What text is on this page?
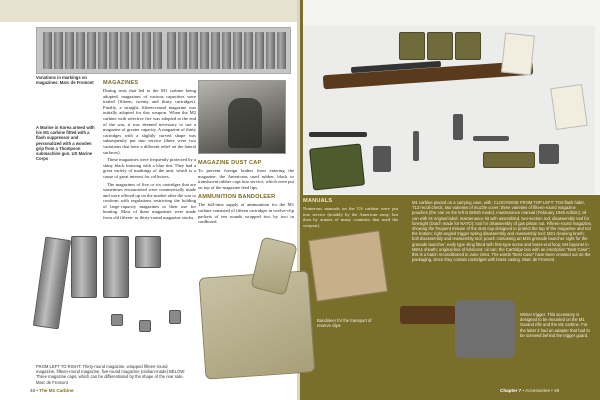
Variations in markings on magazines. Marc de Fromont
A Marine in Korea armed with his M1 carbine fitted with a flash suppressor and personalized with a wooden grip from a Thompson submachine gun. US Marine Corps
MAGAZINES
During tests that led to the M1 carbine being adopted, magazines of various capacities were trialed (fifteen, twenty and thirty cartridges). Finally, a straight, fifteen-round magazine was initially adopted for this weapon. When the M2 carbine with selective fire was adopted at the end of the war, it was deemed necessary to use a magazine of greater capacity. A magazine of thirty cartridges with a slightly curved shape was subsequently put into service (there were two variations that have a different relief on the lateral surfaces).
These magazines were frequently protected by a shiny black bruising with a blue tint. They had a great variety of markings of the unit, which is a cause of great interest for collectors.
The magazines of five or six cartridges that are sometimes encountered were commercially made and were offered up on the market after the war to conform with regulations restricting the holding of large-capacity magazines or their use for hunting. Most of these magazines were made from old fifteen- or thirty-round magazine stocks.
MAGAZINE DUST CAP
To prevent foreign bodies from entering the magazine, the Americans used rubber, black or translucent rubber caps into service, which were put on top of the magazine feed lips.
AMMUNITION BANDOLEER
The full-time supply of ammunition for the M1 carbine consisted of fifteen cartridges in twelve-clip packets of ten rounds wrapped two by two in cardboard.
FROM LEFT TO RIGHT: Thirty-round magazine, wrapped fifteen-round magazine, fifteen-round magazine, five-round magazine (civilian-made) BELOW: Three magazine caps, which can be differentiated by the shape of the rear side. Marc de Fromont
Bandoleer for the transport of reserve clips
MANUALS
Numerous manuals on the US carbine were put into service (notably by the American army, but then by armies of many countries that used the weapon).
M1 carbine placed on a carrying case, with, CLOCKWISE FROM TOP LEFT: TO2-flash hider, T13 recoil check; two varieties of muzzle cover; three varieties of fifteen-round magazine pouches (the one on the left is British made); maintenance manual (February 1945 edition); oil can with its original label; maintenance kit with assembled, two-section rod; disassembly tool for foresight (Dutch made for NATO); tool for disassembly of gas piston nut. Fifteen-round magazine, showing the frequent misuse of the dust cap designed to protect the top of the magazine and not the bottom; right-angled trigger spring disassembly and reassembly tool; M21 cleaning brush; bolt disassembly and reassembly tool; pouch containing an M15 grenade launcher sight for the grenade launcher; early type sling fitted with first-type screw and brass-end loop; M4 bayonet in M8A1 sheath; original box of lubricant; oil can; the Cartridge box with an inscription “Best Case”; this is a batch reconditioned in June 1944. The words “Best Case” have been crossed out on the packaging, since they contain cartridges with brass casing. Marc de Fromont
Winter trigger. This accessory is designed to be mounted on the M1 Garand rifle and the M1 carbine. For the latter it had an adapter that had to be screwed behind the trigger guard.
48 • The M1 Carbine	Chapter 7 • Accessories • 49
